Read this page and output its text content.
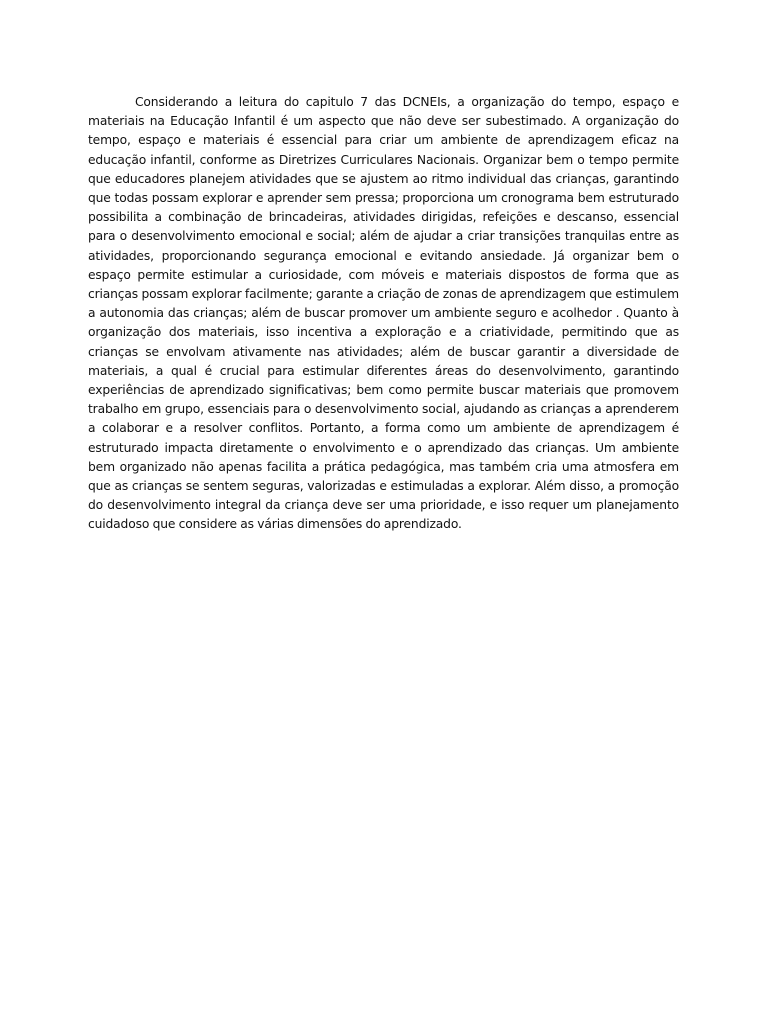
Considerando a leitura do capitulo 7 das DCNEIs, a organização do tempo, espaço e materiais na Educação Infantil é um aspecto que não deve ser subestimado. A organização do tempo, espaço e materiais é essencial para criar um ambiente de aprendizagem eficaz na educação infantil, conforme as Diretrizes Curriculares Nacionais. Organizar bem o tempo permite que educadores planejem atividades que se ajustem ao ritmo individual das crianças, garantindo que todas possam explorar e aprender sem pressa; proporciona um cronograma bem estruturado possibilita a combinação de brincadeiras, atividades dirigidas, refeições e descanso, essencial para o desenvolvimento emocional e social; além de ajudar a criar transições tranquilas entre as atividades, proporcionando segurança emocional e evitando ansiedade. Já organizar bem o espaço permite estimular a curiosidade, com móveis e materiais dispostos de forma que as crianças possam explorar facilmente; garante a criação de zonas de aprendizagem que estimulem a autonomia das crianças; além de buscar promover um ambiente seguro e acolhedor . Quanto à organização dos materiais, isso incentiva a exploração e a criatividade, permitindo que as crianças se envolvam ativamente nas atividades; além de buscar garantir a diversidade de materiais, a qual é crucial para estimular diferentes áreas do desenvolvimento, garantindo experiências de aprendizado significativas; bem como permite buscar materiais que promovem trabalho em grupo, essenciais para o desenvolvimento social, ajudando as crianças a aprenderem a colaborar e a resolver conflitos. Portanto, a forma como um ambiente de aprendizagem é estruturado impacta diretamente o envolvimento e o aprendizado das crianças. Um ambiente bem organizado não apenas facilita a prática pedagógica, mas também cria uma atmosfera em que as crianças se sentem seguras, valorizadas e estimuladas a explorar. Além disso, a promoção do desenvolvimento integral da criança deve ser uma prioridade, e isso requer um planejamento cuidadoso que considere as várias dimensões do aprendizado.
